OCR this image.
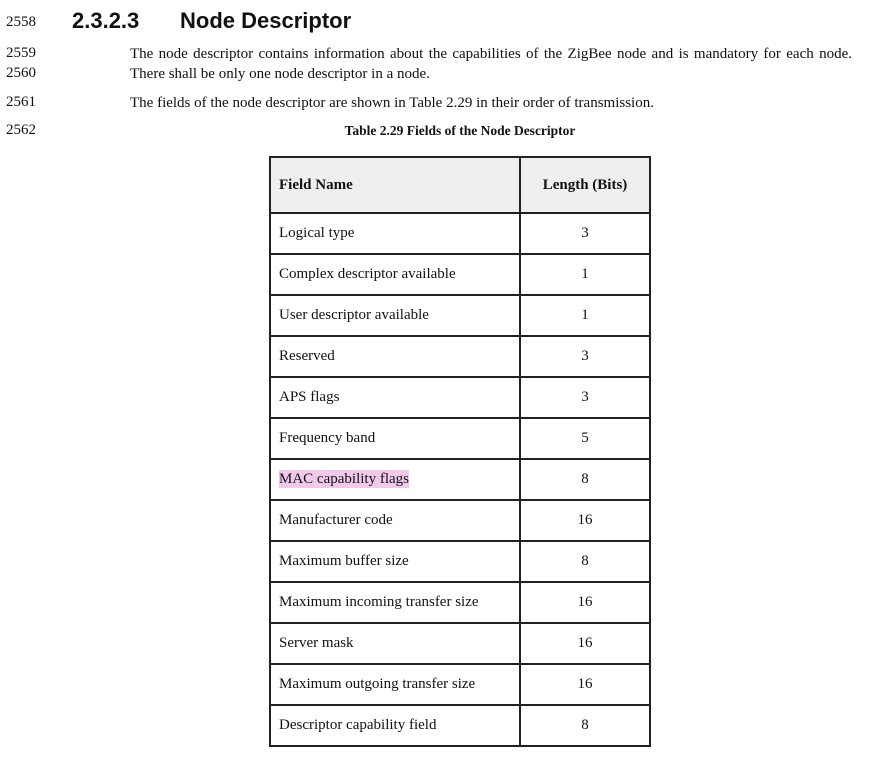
2558
2559
2560
2561
2562
2.3.2.3 Node Descriptor
The node descriptor contains information about the capabilities of the ZigBee node and is mandatory for each node. There shall be only one node descriptor in a node.
The fields of the node descriptor are shown in Table 2.29 in their order of transmission.
Table 2.29 Fields of the Node Descriptor
Field Name	Length (Bits)
Logical type	3
Complex descriptor available	1
User descriptor available	1
Reserved	3
APS flags	3
Frequency band	5
MAC capability flags	8
Manufacturer code	16
Maximum buffer size	8
Maximum incoming transfer size	16
Server mask	16
Maximum outgoing transfer size	16
Descriptor capability field	8
